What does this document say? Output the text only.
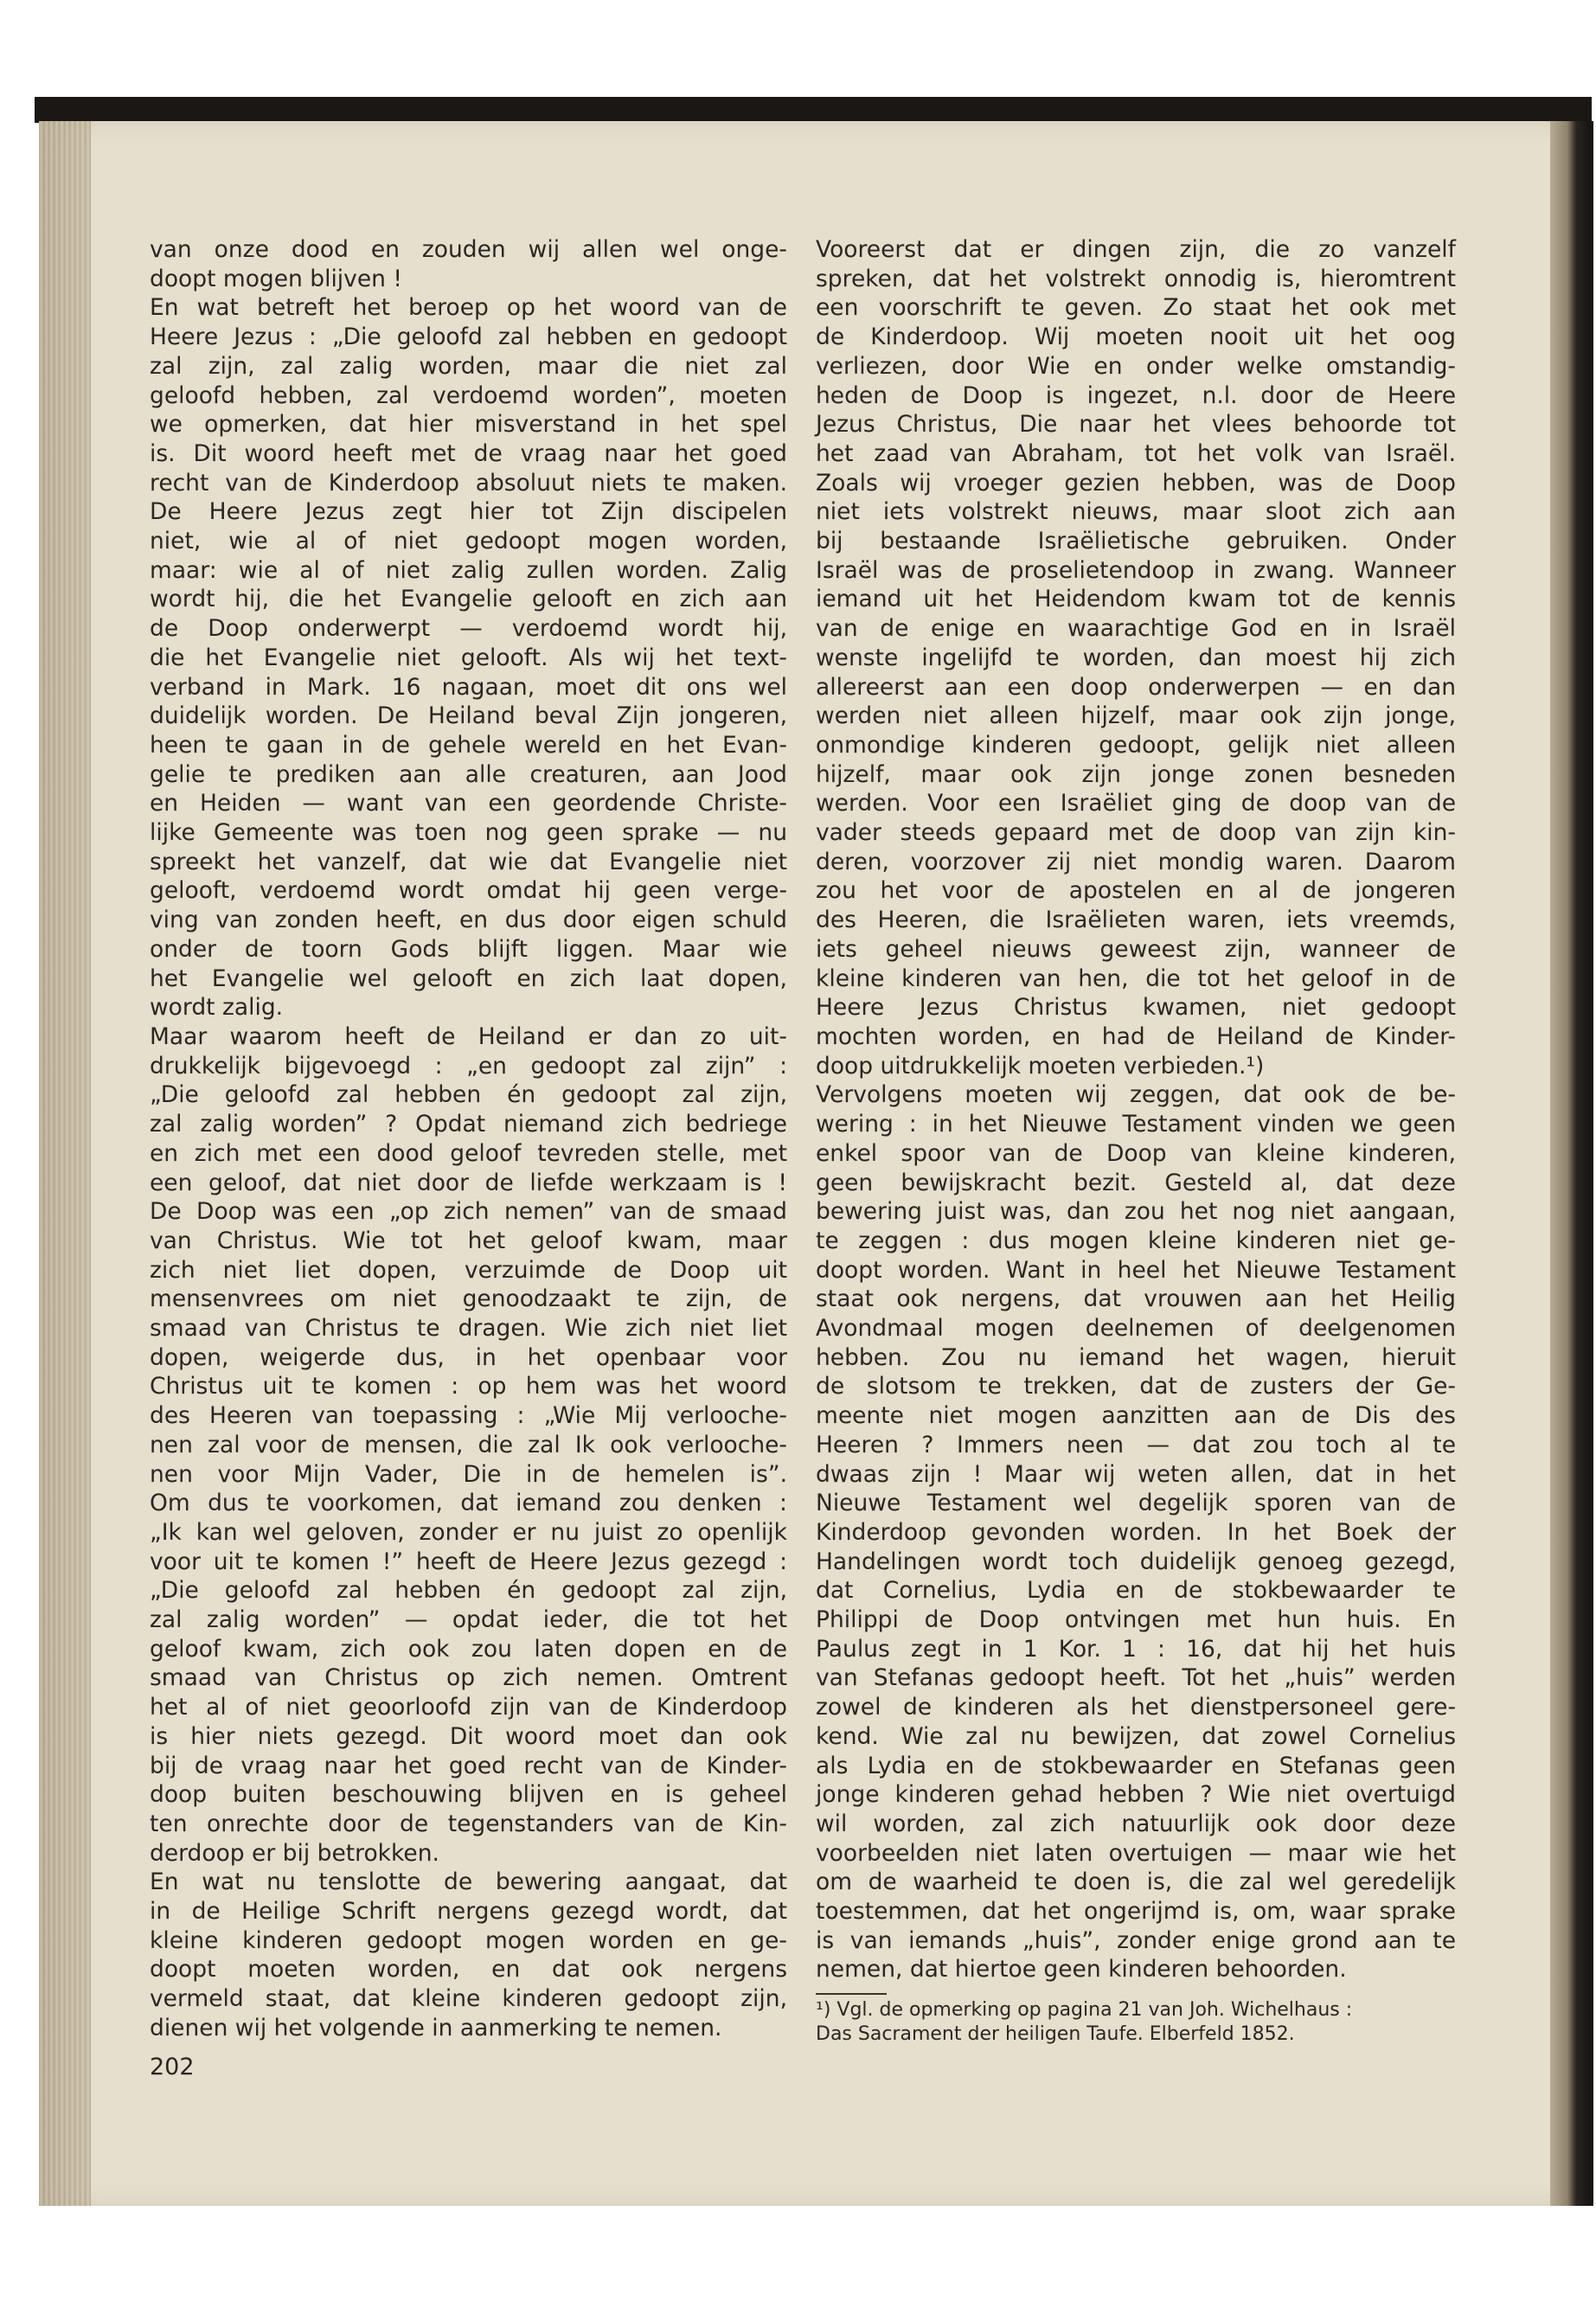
van onze dood en zouden wij allen wel onge-
doopt mogen blijven !
En wat betreft het beroep op het woord van de
Heere Jezus : „Die geloofd zal hebben en gedoopt
zal zijn, zal zalig worden, maar die niet zal
geloofd hebben, zal verdoemd worden”, moeten
we opmerken, dat hier misverstand in het spel
is. Dit woord heeft met de vraag naar het goed
recht van de Kinderdoop absoluut niets te maken.
De Heere Jezus zegt hier tot Zijn discipelen
niet, wie al of niet gedoopt mogen worden,
maar: wie al of niet zalig zullen worden. Zalig
wordt hij, die het Evangelie gelooft en zich aan
de Doop onderwerpt — verdoemd wordt hij,
die het Evangelie niet gelooft. Als wij het text-
verband in Mark. 16 nagaan, moet dit ons wel
duidelijk worden. De Heiland beval Zijn jongeren,
heen te gaan in de gehele wereld en het Evan-
gelie te prediken aan alle creaturen, aan Jood
en Heiden — want van een geordende Christe-
lijke Gemeente was toen nog geen sprake — nu
spreekt het vanzelf, dat wie dat Evangelie niet
gelooft, verdoemd wordt omdat hij geen verge-
ving van zonden heeft, en dus door eigen schuld
onder de toorn Gods blijft liggen. Maar wie
het Evangelie wel gelooft en zich laat dopen,
wordt zalig.
Maar waarom heeft de Heiland er dan zo uit-
drukkelijk bijgevoegd : „en gedoopt zal zijn” :
„Die geloofd zal hebben én gedoopt zal zijn,
zal zalig worden” ? Opdat niemand zich bedriege
en zich met een dood geloof tevreden stelle, met
een geloof, dat niet door de liefde werkzaam is !
De Doop was een „op zich nemen” van de smaad
van Christus. Wie tot het geloof kwam, maar
zich niet liet dopen, verzuimde de Doop uit
mensenvrees om niet genoodzaakt te zijn, de
smaad van Christus te dragen. Wie zich niet liet
dopen, weigerde dus, in het openbaar voor
Christus uit te komen : op hem was het woord
des Heeren van toepassing : „Wie Mij verlooche-
nen zal voor de mensen, die zal Ik ook verlooche-
nen voor Mijn Vader, Die in de hemelen is”.
Om dus te voorkomen, dat iemand zou denken :
„Ik kan wel geloven, zonder er nu juist zo openlijk
voor uit te komen !” heeft de Heere Jezus gezegd :
„Die geloofd zal hebben én gedoopt zal zijn,
zal zalig worden” — opdat ieder, die tot het
geloof kwam, zich ook zou laten dopen en de
smaad van Christus op zich nemen. Omtrent
het al of niet geoorloofd zijn van de Kinderdoop
is hier niets gezegd. Dit woord moet dan ook
bij de vraag naar het goed recht van de Kinder-
doop buiten beschouwing blijven en is geheel
ten onrechte door de tegenstanders van de Kin-
derdoop er bij betrokken.
En wat nu tenslotte de bewering aangaat, dat
in de Heilige Schrift nergens gezegd wordt, dat
kleine kinderen gedoopt mogen worden en ge-
doopt moeten worden, en dat ook nergens
vermeld staat, dat kleine kinderen gedoopt zijn,
dienen wij het volgende in aanmerking te nemen.
Vooreerst dat er dingen zijn, die zo vanzelf
spreken, dat het volstrekt onnodig is, hieromtrent
een voorschrift te geven. Zo staat het ook met
de Kinderdoop. Wij moeten nooit uit het oog
verliezen, door Wie en onder welke omstandig-
heden de Doop is ingezet, n.l. door de Heere
Jezus Christus, Die naar het vlees behoorde tot
het zaad van Abraham, tot het volk van Israël.
Zoals wij vroeger gezien hebben, was de Doop
niet iets volstrekt nieuws, maar sloot zich aan
bij bestaande Israëlietische gebruiken. Onder
Israël was de proselietendoop in zwang. Wanneer
iemand uit het Heidendom kwam tot de kennis
van de enige en waarachtige God en in Israël
wenste ingelijfd te worden, dan moest hij zich
allereerst aan een doop onderwerpen — en dan
werden niet alleen hijzelf, maar ook zijn jonge,
onmondige kinderen gedoopt, gelijk niet alleen
hijzelf, maar ook zijn jonge zonen besneden
werden. Voor een Israëliet ging de doop van de
vader steeds gepaard met de doop van zijn kin-
deren, voorzover zij niet mondig waren. Daarom
zou het voor de apostelen en al de jongeren
des Heeren, die Israëlieten waren, iets vreemds,
iets geheel nieuws geweest zijn, wanneer de
kleine kinderen van hen, die tot het geloof in de
Heere Jezus Christus kwamen, niet gedoopt
mochten worden, en had de Heiland de Kinder-
doop uitdrukkelijk moeten verbieden.¹)
Vervolgens moeten wij zeggen, dat ook de be-
wering : in het Nieuwe Testament vinden we geen
enkel spoor van de Doop van kleine kinderen,
geen bewijskracht bezit. Gesteld al, dat deze
bewering juist was, dan zou het nog niet aangaan,
te zeggen : dus mogen kleine kinderen niet ge-
doopt worden. Want in heel het Nieuwe Testament
staat ook nergens, dat vrouwen aan het Heilig
Avondmaal mogen deelnemen of deelgenomen
hebben. Zou nu iemand het wagen, hieruit
de slotsom te trekken, dat de zusters der Ge-
meente niet mogen aanzitten aan de Dis des
Heeren ? Immers neen — dat zou toch al te
dwaas zijn ! Maar wij weten allen, dat in het
Nieuwe Testament wel degelijk sporen van de
Kinderdoop gevonden worden. In het Boek der
Handelingen wordt toch duidelijk genoeg gezegd,
dat Cornelius, Lydia en de stokbewaarder te
Philippi de Doop ontvingen met hun huis. En
Paulus zegt in 1 Kor. 1 : 16, dat hij het huis
van Stefanas gedoopt heeft. Tot het „huis” werden
zowel de kinderen als het dienstpersoneel gere-
kend. Wie zal nu bewijzen, dat zowel Cornelius
als Lydia en de stokbewaarder en Stefanas geen
jonge kinderen gehad hebben ? Wie niet overtuigd
wil worden, zal zich natuurlijk ook door deze
voorbeelden niet laten overtuigen — maar wie het
om de waarheid te doen is, die zal wel geredelijk
toestemmen, dat het ongerijmd is, om, waar sprake
is van iemands „huis”, zonder enige grond aan te
nemen, dat hiertoe geen kinderen behoorden.
¹) Vgl. de opmerking op pagina 21 van Joh. Wichelhaus :
Das Sacrament der heiligen Taufe. Elberfeld 1852.
202
